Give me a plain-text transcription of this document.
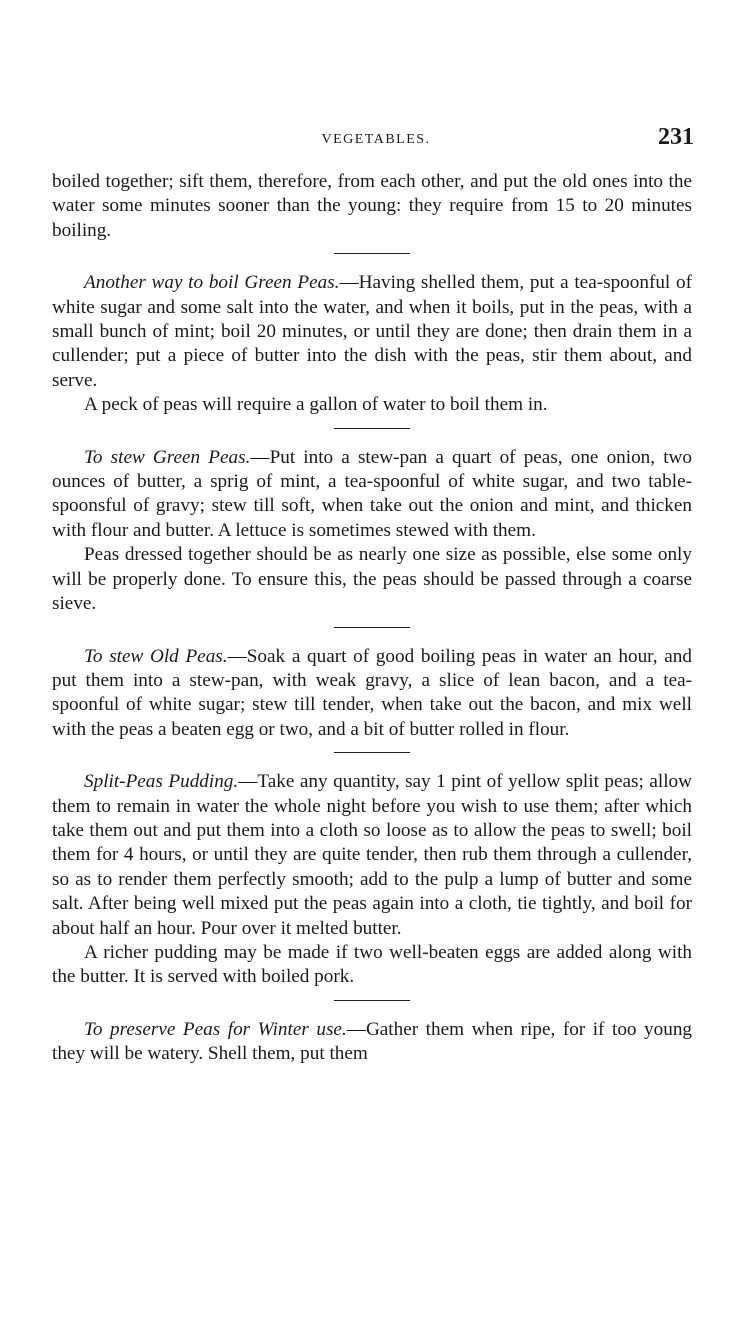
VEGETABLES.	231

boiled together; sift them, therefore, from each other, and put the old ones into the water some minutes sooner than the young: they require from 15 to 20 minutes boiling.

Another way to boil Green Peas.—Having shelled them, put a tea-spoonful of white sugar and some salt into the water, and when it boils, put in the peas, with a small bunch of mint; boil 20 minutes, or until they are done; then drain them in a cullender; put a piece of butter into the dish with the peas, stir them about, and serve.

A peck of peas will require a gallon of water to boil them in.

To stew Green Peas.—Put into a stew-pan a quart of peas, one onion, two ounces of butter, a sprig of mint, a tea-spoonful of white sugar, and two table-spoonsful of gravy; stew till soft, when take out the onion and mint, and thicken with flour and butter. A lettuce is sometimes stewed with them.

Peas dressed together should be as nearly one size as possible, else some only will be properly done. To ensure this, the peas should be passed through a coarse sieve.

To stew Old Peas.—Soak a quart of good boiling peas in water an hour, and put them into a stew-pan, with weak gravy, a slice of lean bacon, and a tea-spoonful of white sugar; stew till tender, when take out the bacon, and mix well with the peas a beaten egg or two, and a bit of butter rolled in flour.

Split-Peas Pudding.—Take any quantity, say 1 pint of yellow split peas; allow them to remain in water the whole night before you wish to use them; after which take them out and put them into a cloth so loose as to allow the peas to swell; boil them for 4 hours, or until they are quite tender, then rub them through a cullender, so as to render them perfectly smooth; add to the pulp a lump of butter and some salt. After being well mixed put the peas again into a cloth, tie tightly, and boil for about half an hour. Pour over it melted butter.

A richer pudding may be made if two well-beaten eggs are added along with the butter. It is served with boiled pork.

To preserve Peas for Winter use.—Gather them when ripe, for if too young they will be watery. Shell them, put them
